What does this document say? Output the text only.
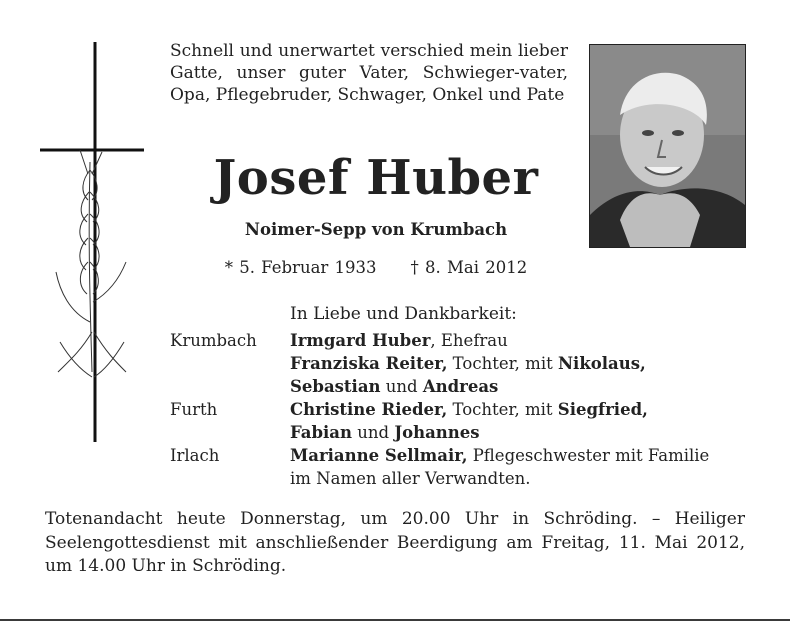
Schnell und unerwartet verschied mein lieber Gatte, unser guter Vater, Schwieger-vater, Opa, Pflegebruder, Schwager, Onkel und Pate
Josef Huber
Noimer-Sepp von Krumbach
* 5. Februar 1933 † 8. Mai 2012
In Liebe und Dankbarkeit:
Krumbach	Irmgard Huber, Ehefrau
Franziska Reiter, Tochter, mit Nikolaus,
Sebastian und Andreas
Furth	Christine Rieder, Tochter, mit Siegfried,
Fabian und Johannes
Irlach	Marianne Sellmair, Pflegeschwester mit Familie
im Namen aller Verwandten.
Totenandacht heute Donnerstag, um 20.00 Uhr in Schröding. – Heiliger Seelengottesdienst mit anschließender Beerdigung am Freitag, 11. Mai 2012, um 14.00 Uhr in Schröding.
